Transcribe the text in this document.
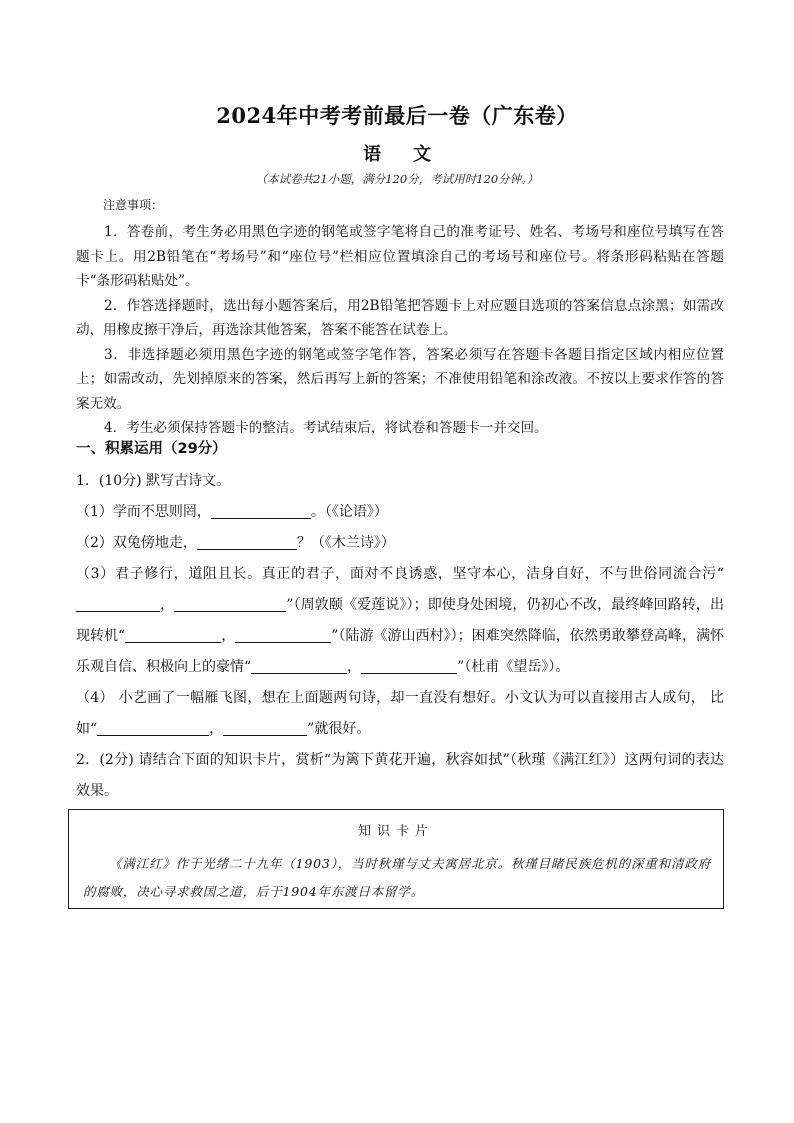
2024年中考考前最后一卷（广东卷）
语文
（本试卷共21小题，满分120分，考试用时120分钟。）
注意事项：

1．答卷前，考生务必用黑色字迹的钢笔或签字笔将自己的准考证号、姓名、考场号和座位号填写在答题卡上。用2B铅笔在“考场号”和“座位号”栏相应位置填涂自己的考场号和座位号。将条形码粘贴在答题卡“条形码粘贴处”。

2．作答选择题时，选出每小题答案后，用2B铅笔把答题卡上对应题目选项的答案信息点涂黑；如需改动，用橡皮擦干净后，再选涂其他答案，答案不能答在试卷上。

3．非选择题必须用黑色字迹的钢笔或签字笔作答，答案必须写在答题卡各题目指定区域内相应位置上；如需改动，先划掉原来的答案，然后再写上新的答案；不准使用铅笔和涂改液。不按以上要求作答的答案无效。

4．考生必须保持答题卡的整洁。考试结束后，将试卷和答题卡一并交回。

一、积累运用（29分）

1．(10分) 默写古诗文。

（1）学而不思则罔，	。（《论语》）

（2）双兔傍地走，	？（《木兰诗》）

（3）君子修行，道阻且长。真正的君子，面对不良诱惑，坚守本心，洁身自好，不与世俗同流合污“，	”（周敦颐《爱莲说》）；即使身处困境，仍初心不改，最终峰回路转，出现转机“	，	”（陆游《游山西村》）；困难突然降临，依然勇敢攀登高峰，满怀乐观自信、积极向上的豪情“	，	”（杜甫《望岳》）。

（4） 小艺画了一幅雁飞图，想在上面题两句诗，却一直没有想好。小文认为可以直接用古人成句， 比如“	，	”就很好。

2．(2分) 请结合下面的知识卡片，赏析“为篱下黄花开遍，秋容如拭”（秋瑾《满江红》）这两句词的表达效果。

知识卡片
《满江红》作于光绪二十九年（1903），当时秋瑾与丈夫寓居北京。秋瑾目睹民族危机的深重和清政府的腐败，决心寻求救国之道，后于1904年东渡日本留学。
